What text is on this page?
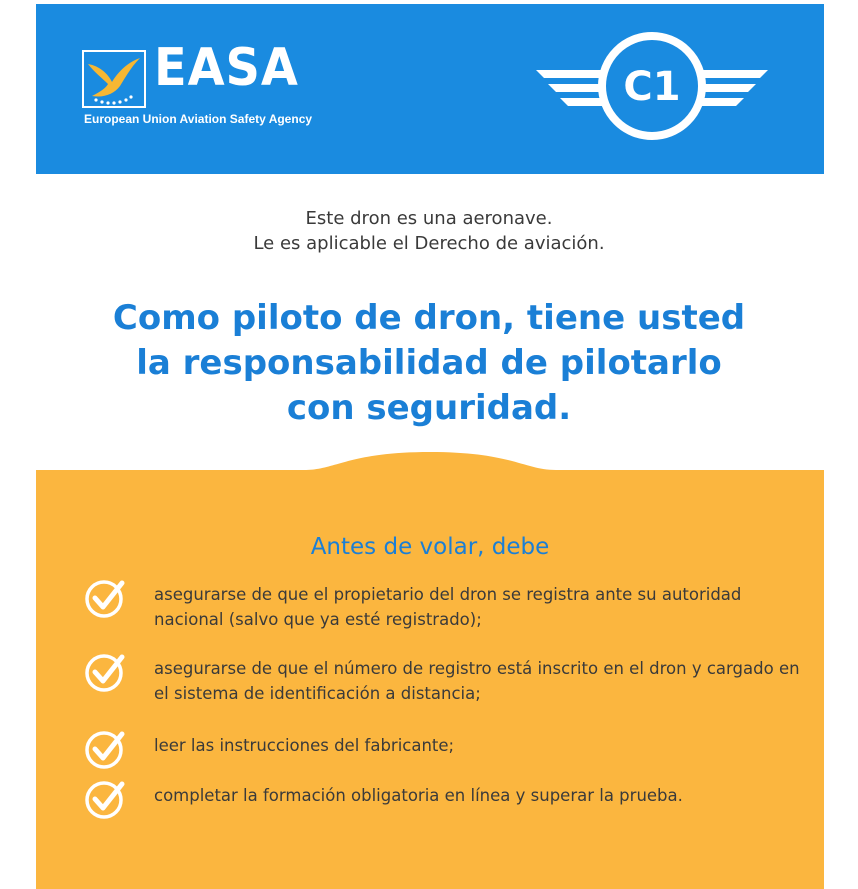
EASA
European Union Aviation Safety Agency
C1
Este dron es una aeronave.
Le es aplicable el Derecho de aviación.
Como piloto de dron, tiene usted
la responsabilidad de pilotarlo
con seguridad.
Antes de volar, debe
asegurarse de que el propietario del dron se registra ante su autoridad nacional (salvo que ya esté registrado);
asegurarse de que el número de registro está inscrito en el dron y cargado en el sistema de identificación a distancia;
leer las instrucciones del fabricante;
completar la formación obligatoria en línea y superar la prueba.
